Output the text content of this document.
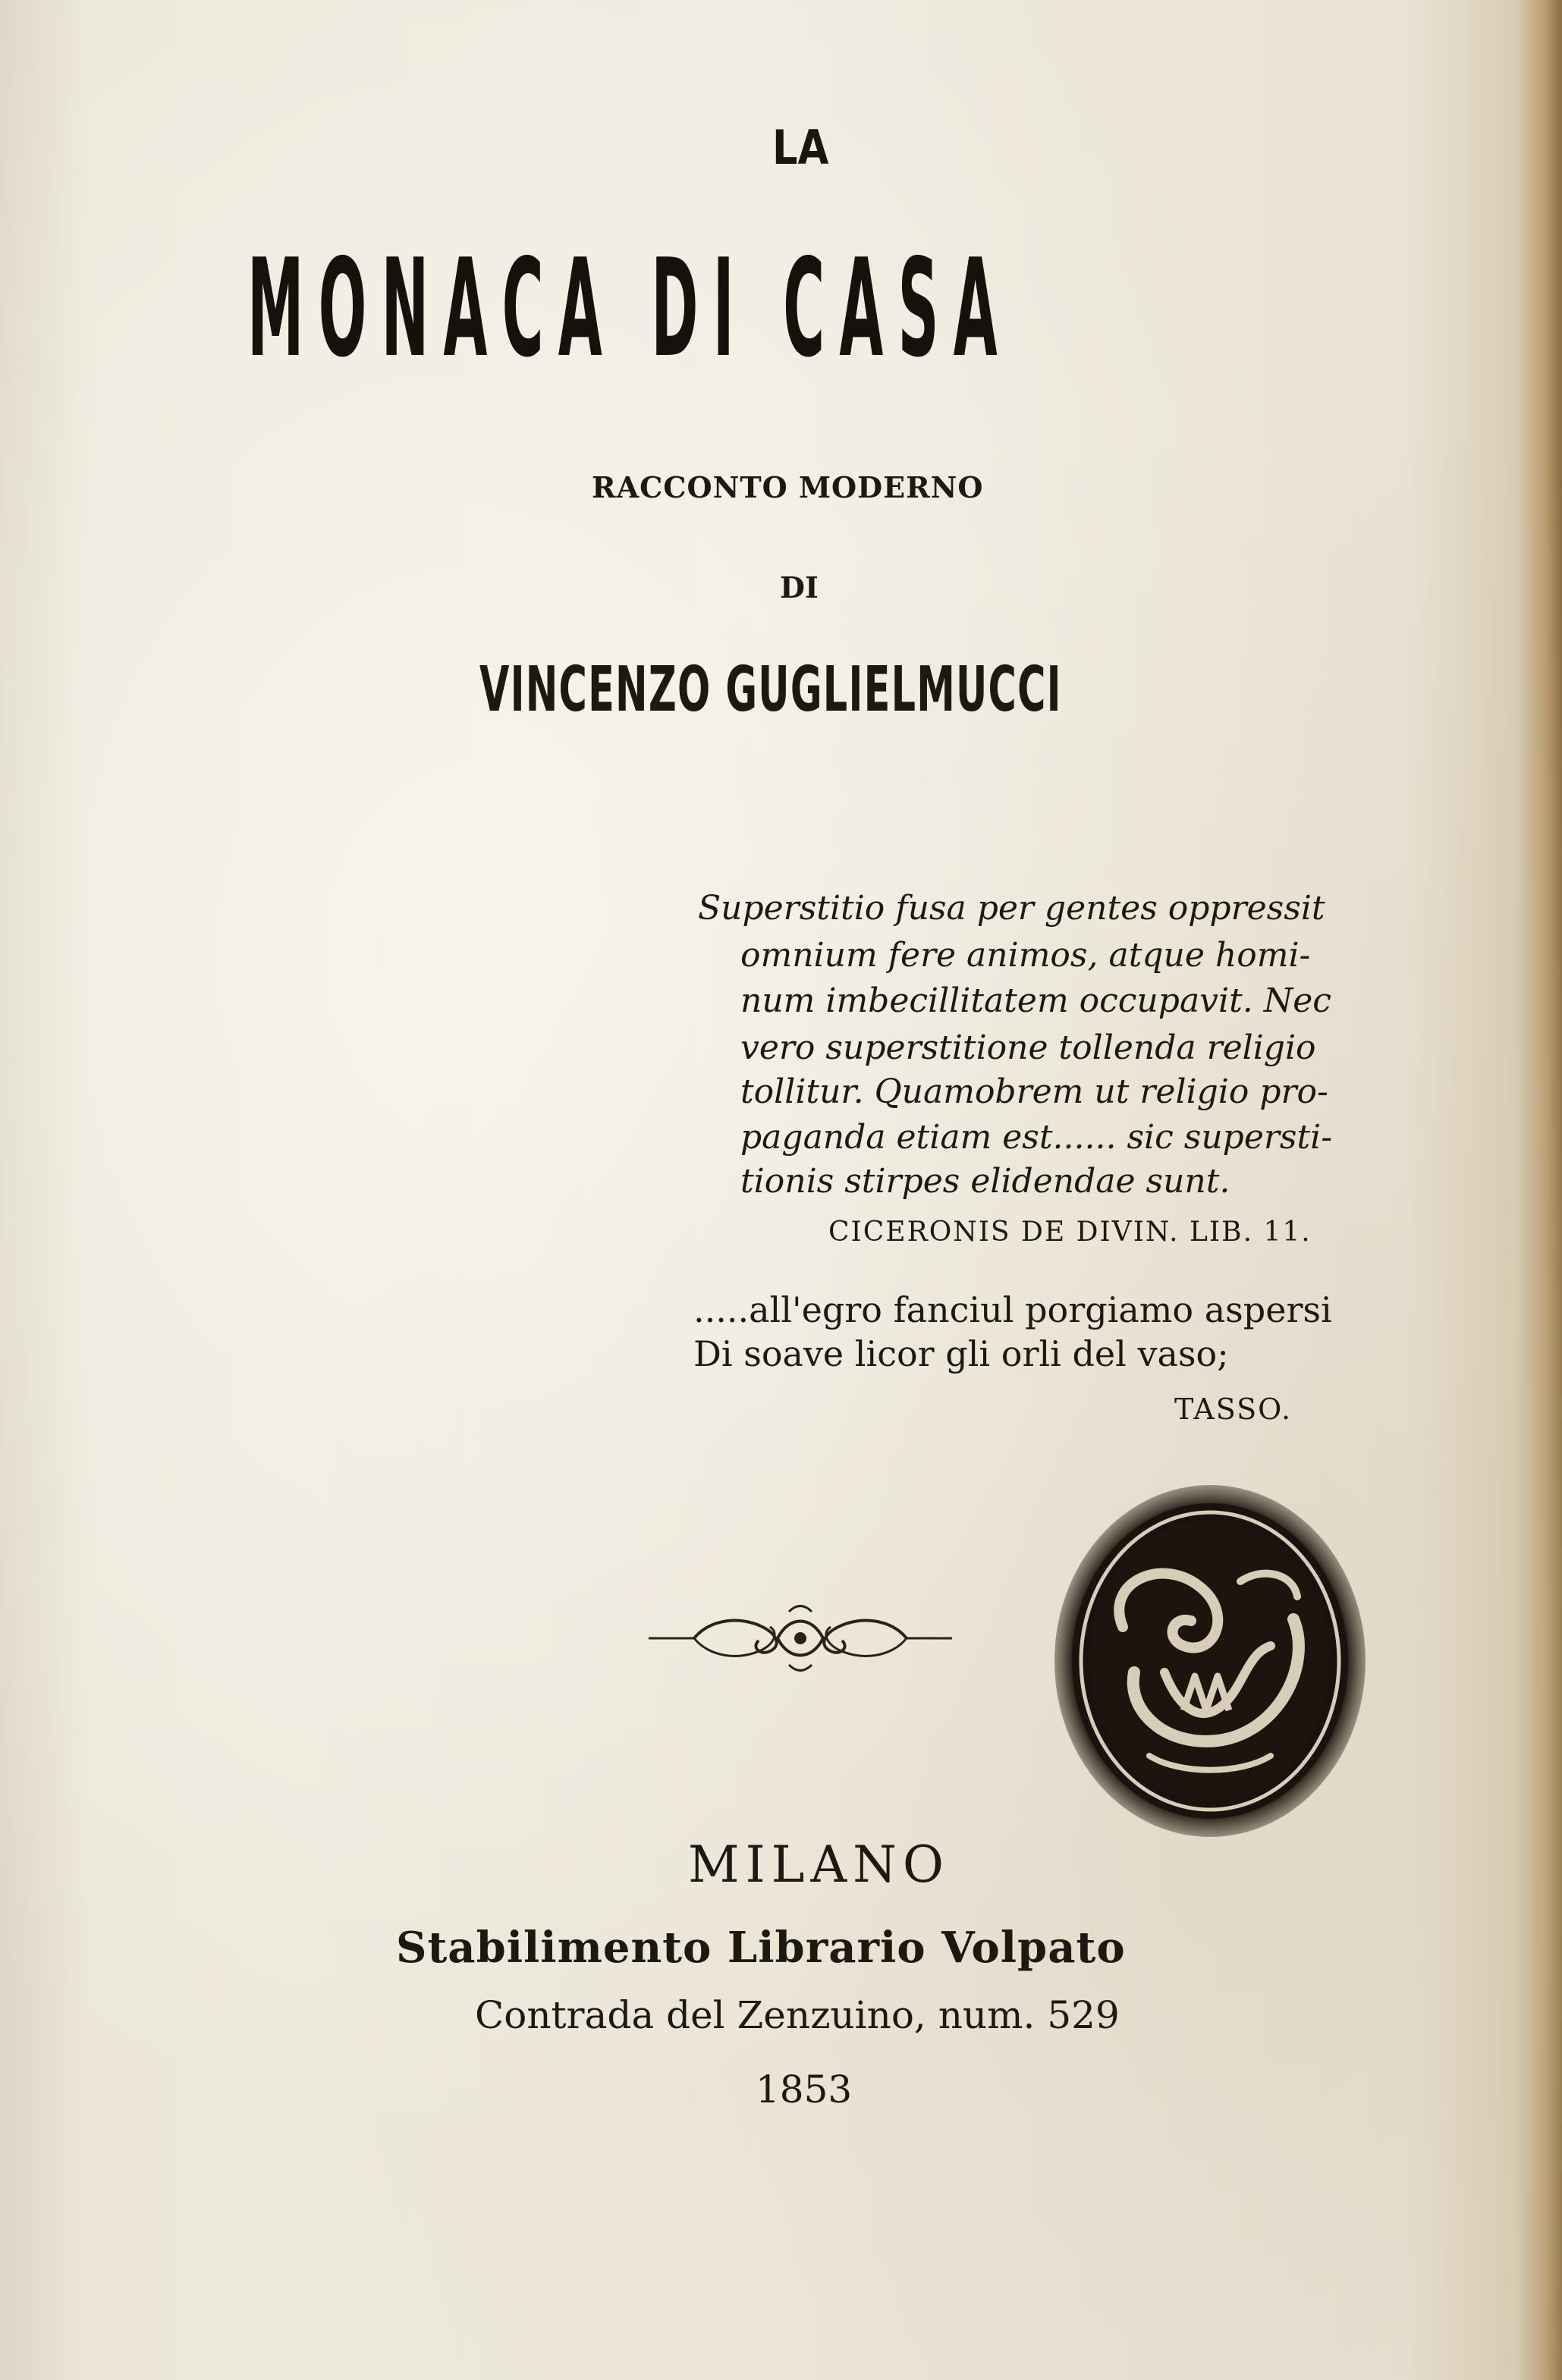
LA
MONACA DI CASA
RACCONTO MODERNO
DI
VINCENZO GUGLIELMUCCI
Superstitio fusa per gentes oppressit
omnium fere animos, atque homi-
num imbecillitatem occupavit. Nec
vero superstitione tollenda religio
tollitur. Quamobrem ut religio pro-
paganda etiam est...... sic supersti-
tionis stirpes elidendae sunt.
CICERONIS DE DIVIN. LIB. 11.
.....all'egro fanciul porgiamo aspersi
Di soave licor gli orli del vaso;
TASSO.
MILANO
Stabilimento Librario Volpato
Contrada del Zenzuino, num. 529
1853
